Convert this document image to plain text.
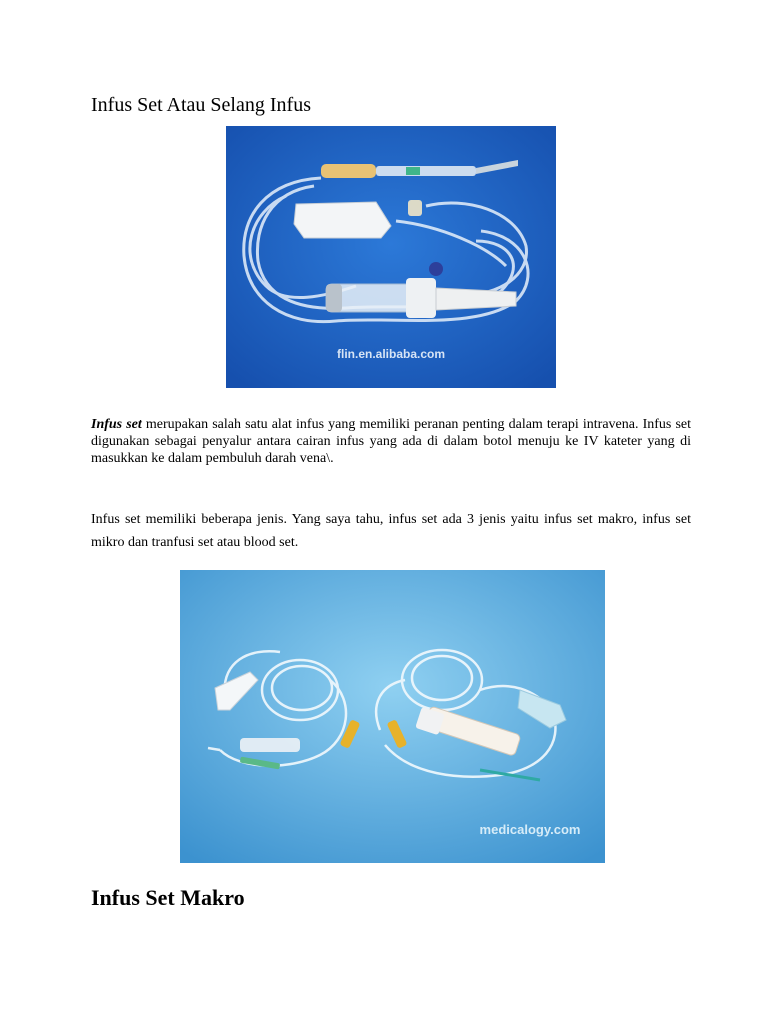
Infus Set Atau Selang Infus
flin.en.alibaba.com

Infus set merupakan salah satu alat infus yang memiliki peranan penting dalam terapi intravena. Infus set digunakan sebagai penyalur antara cairan infus yang ada di dalam botol menuju ke IV kateter yang di masukkan ke dalam pembuluh darah vena\.

Infus set memiliki beberapa jenis. Yang saya tahu, infus set ada 3 jenis yaitu infus set makro, infus set mikro dan tranfusi set atau blood set.

medicalogy.com
Infus Set Makro
